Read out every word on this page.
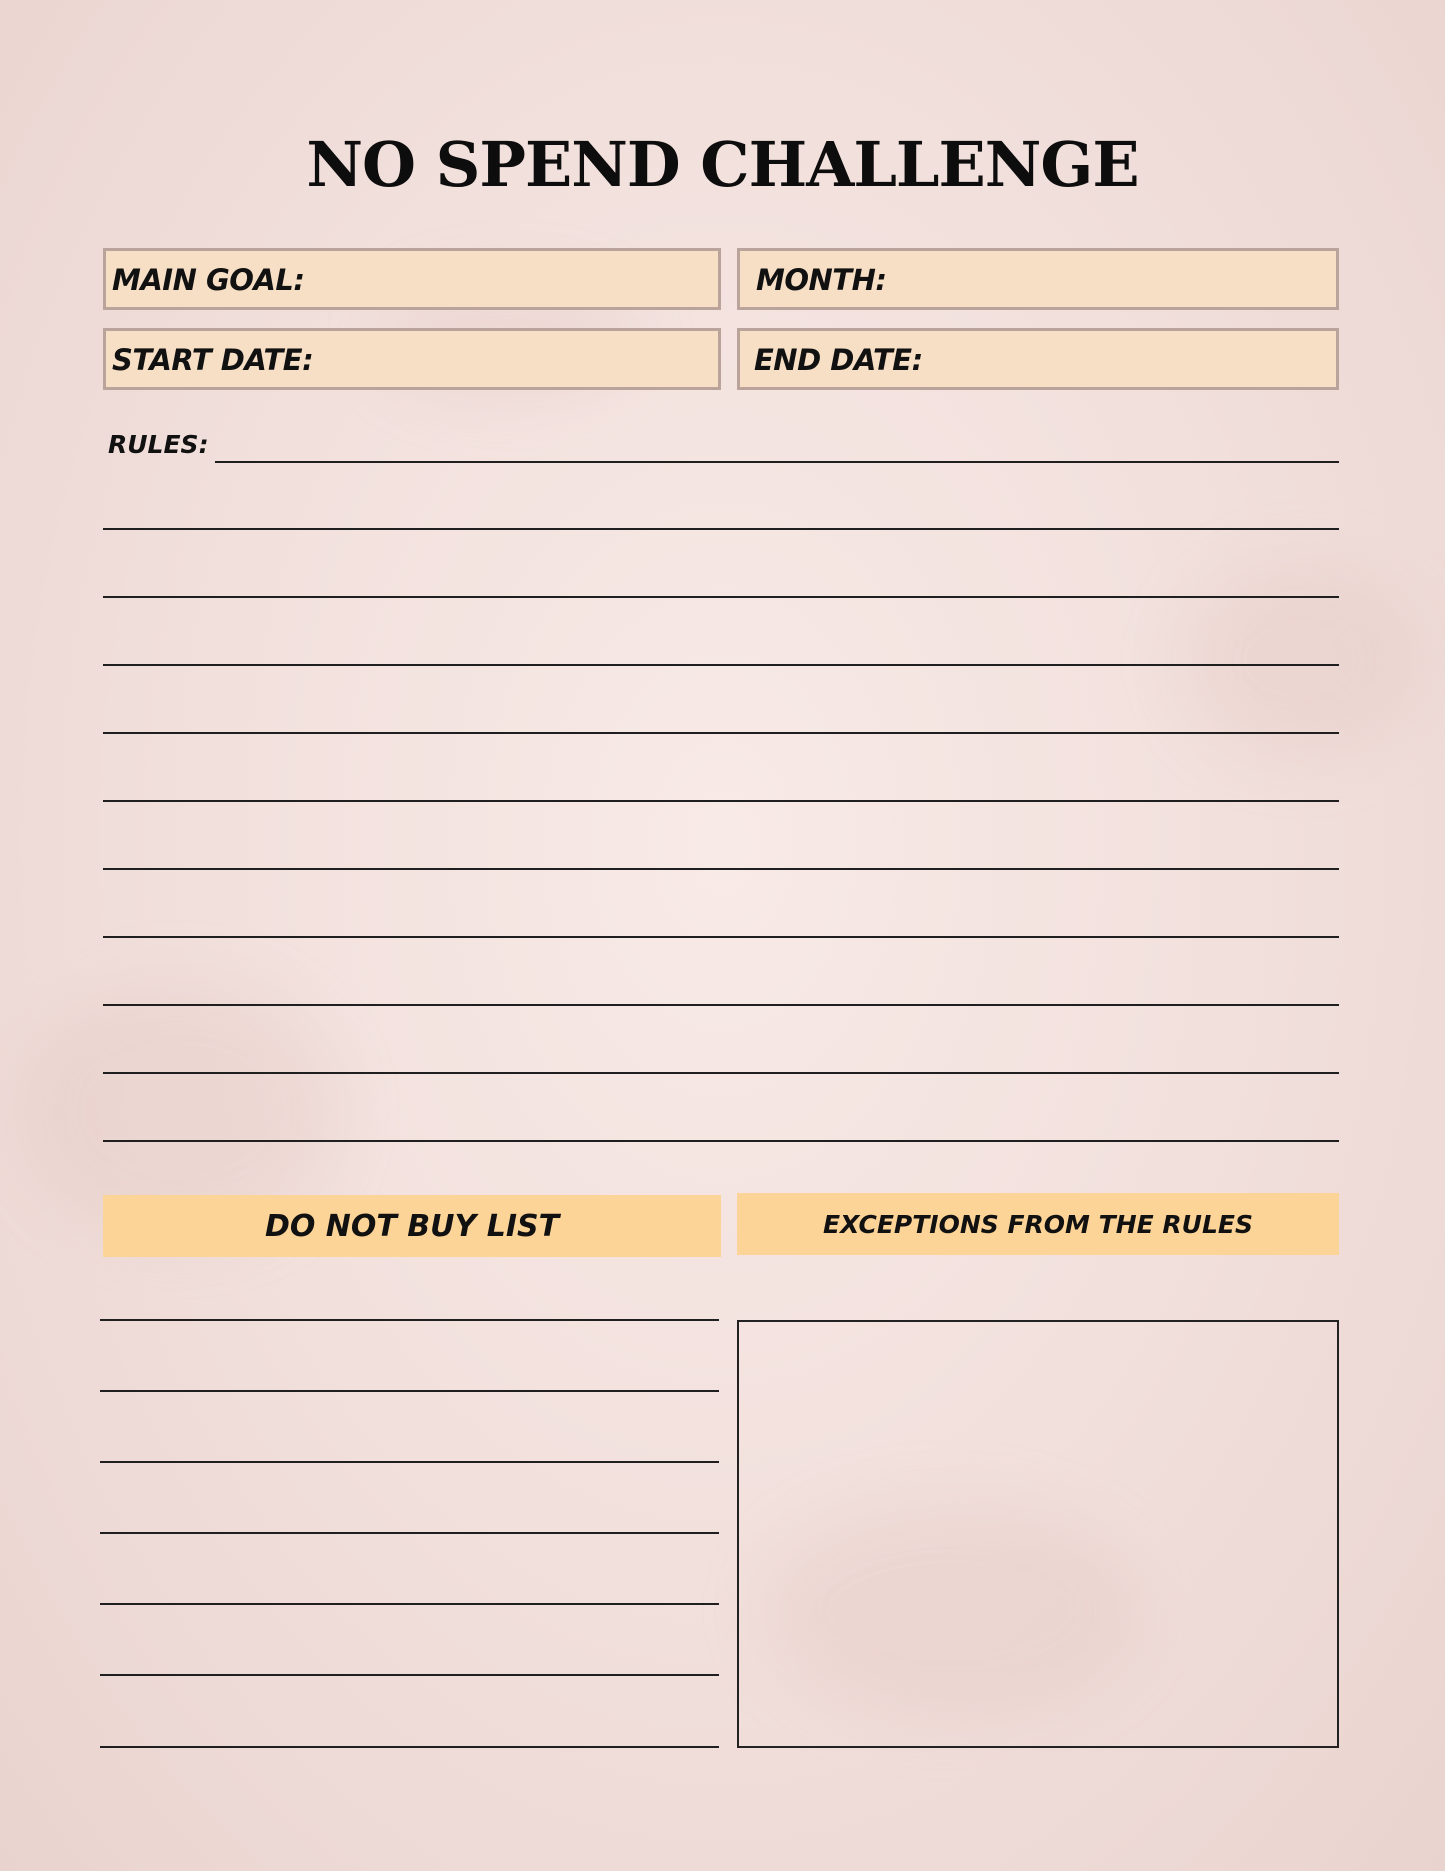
NO SPEND CHALLENGE
MAIN GOAL:	MONTH:
START DATE:	END DATE:
RULES:
DO NOT BUY LIST	EXCEPTIONS FROM THE RULES
